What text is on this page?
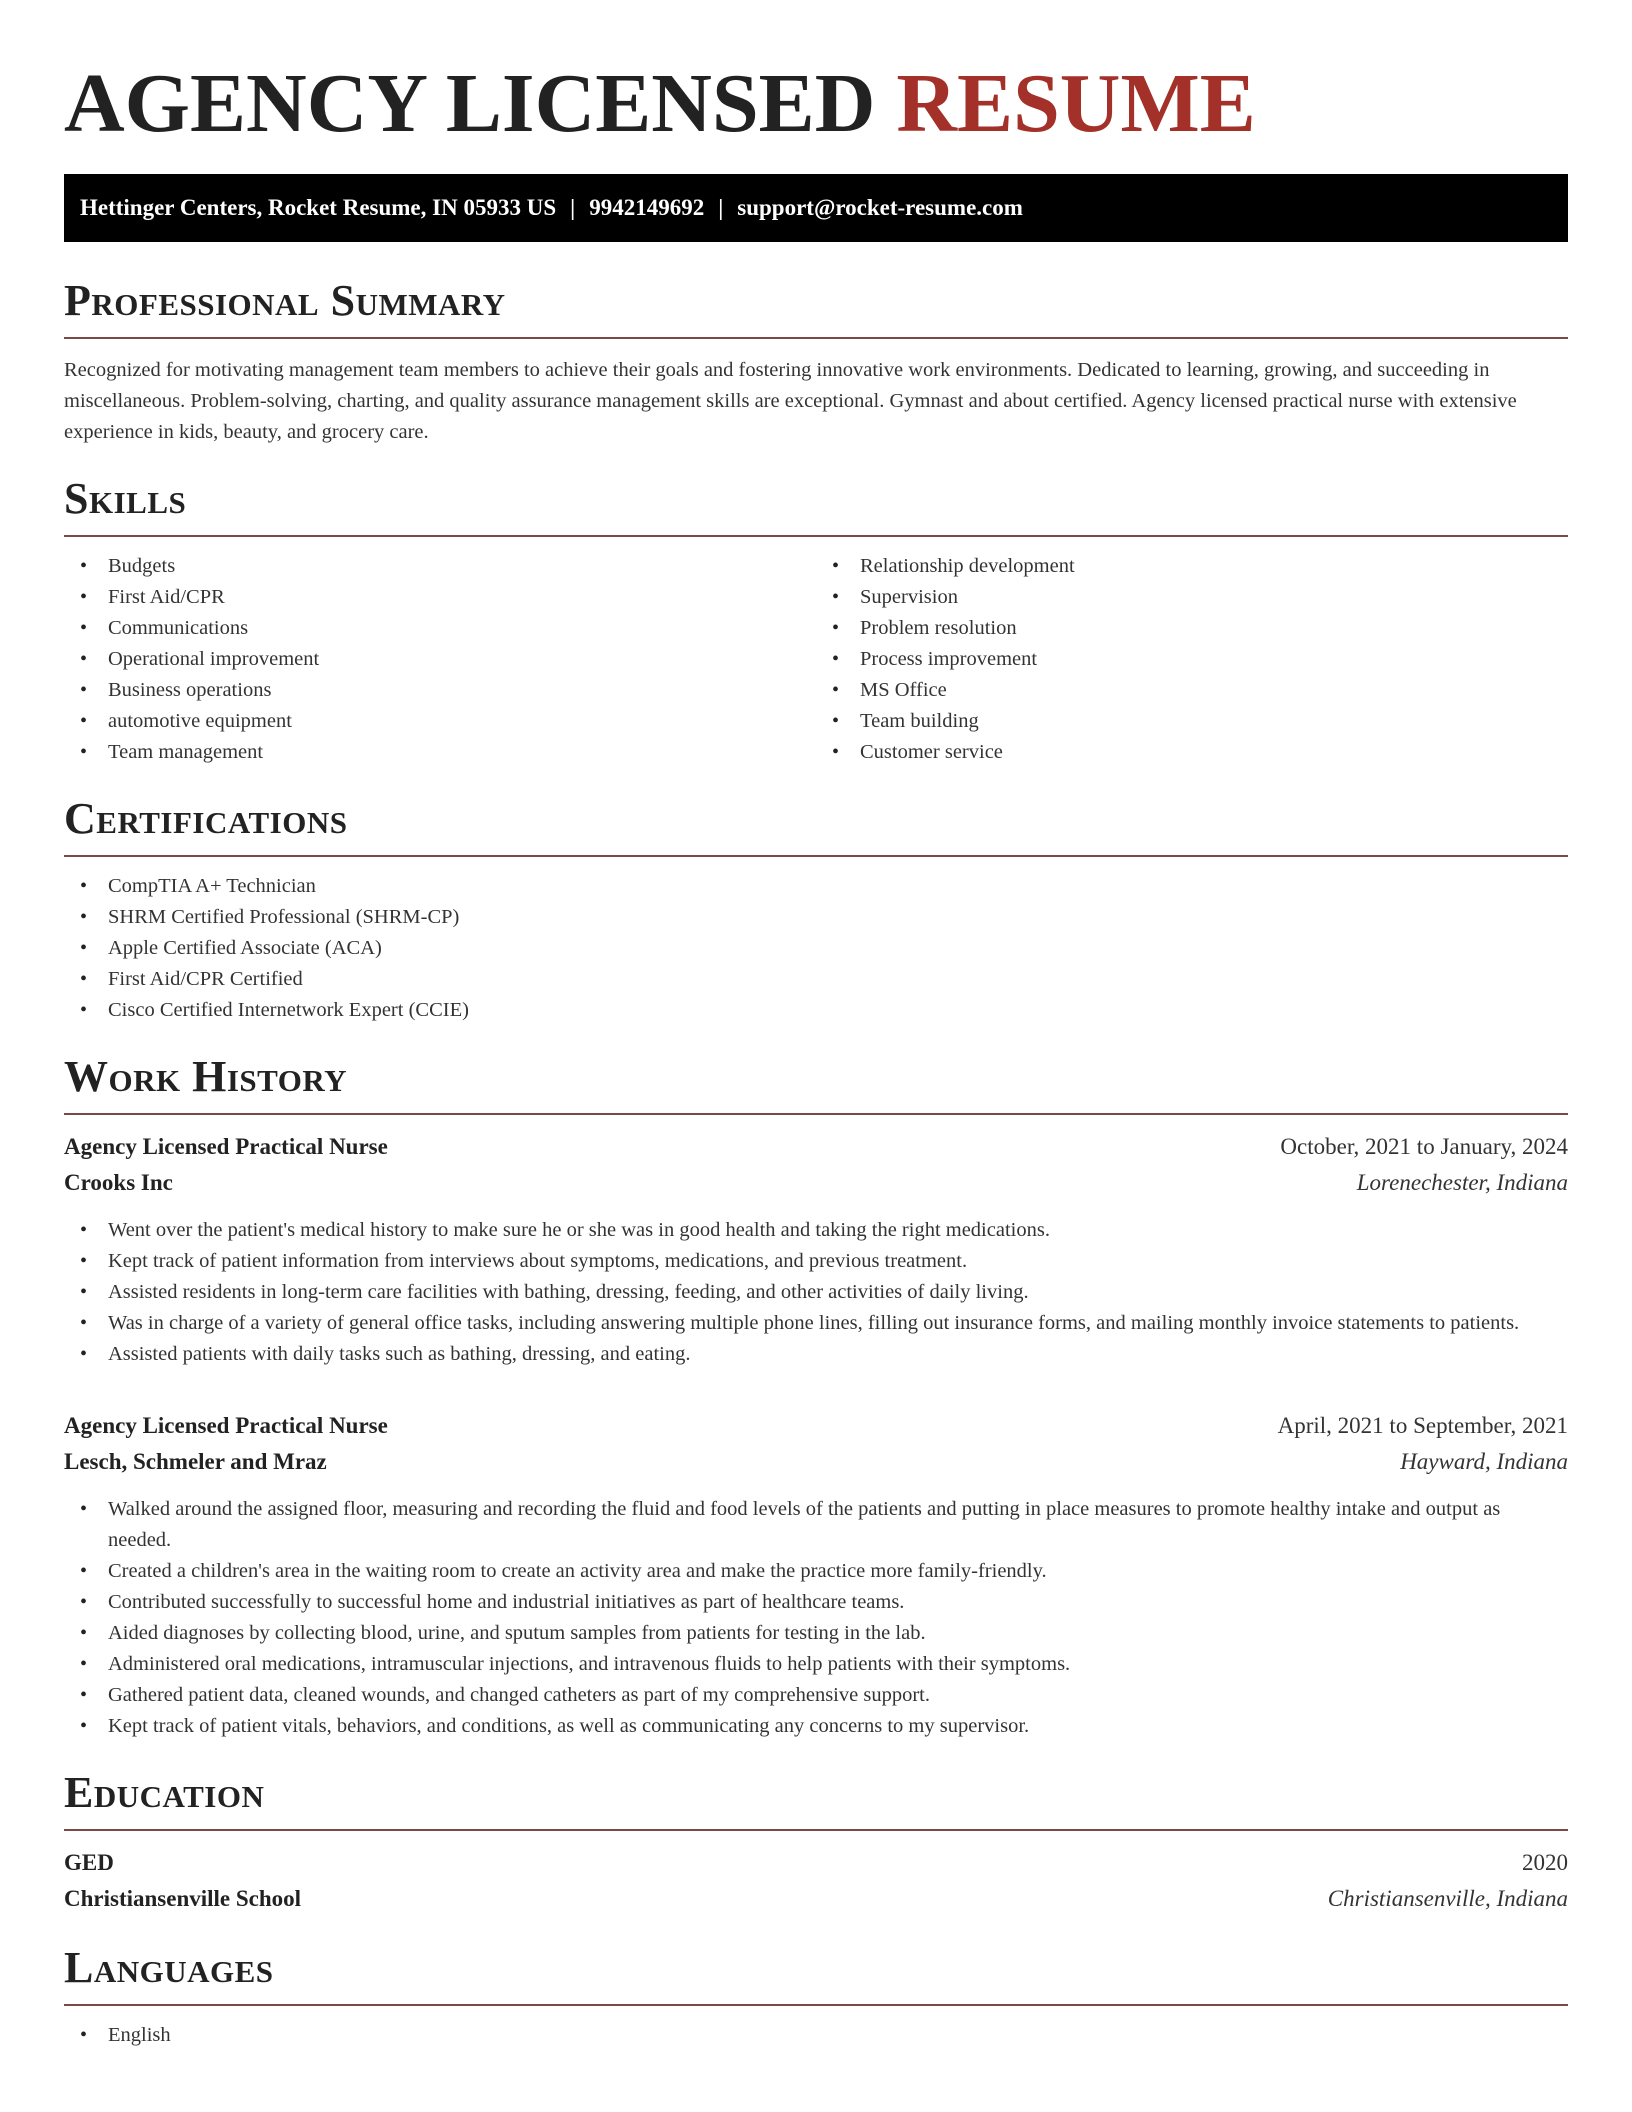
AGENCY LICENSED RESUME
Hettinger Centers, Rocket Resume, IN 05933 US | 9942149692 | support@rocket-resume.com
Professional Summary

Recognized for motivating management team members to achieve their goals and fostering innovative work environments. Dedicated to learning, growing, and succeeding in miscellaneous. Problem-solving, charting, and quality assurance management skills are exceptional. Gymnast and about certified. Agency licensed practical nurse with extensive experience in kids, beauty, and grocery care.

Skills
• Budgets
• First Aid/CPR
• Communications
• Operational improvement
• Business operations
• automotive equipment
• Team management
• Relationship development
• Supervision
• Problem resolution
• Process improvement
• MS Office
• Team building
• Customer service
Certifications
• CompTIA A+ Technician
• SHRM Certified Professional (SHRM-CP)
• Apple Certified Associate (ACA)
• First Aid/CPR Certified
• Cisco Certified Internetwork Expert (CCIE)
Work History
Agency Licensed Practical Nurse	October, 2021 to January, 2024
Crooks Inc	Lorenechester, Indiana
• Went over the patient's medical history to make sure he or she was in good health and taking the right medications.
• Kept track of patient information from interviews about symptoms, medications, and previous treatment.
• Assisted residents in long-term care facilities with bathing, dressing, feeding, and other activities of daily living.
• Was in charge of a variety of general office tasks, including answering multiple phone lines, filling out insurance forms, and mailing monthly invoice statements to patients.
• Assisted patients with daily tasks such as bathing, dressing, and eating.
Agency Licensed Practical Nurse	April, 2021 to September, 2021
Lesch, Schmeler and Mraz	Hayward, Indiana
• Walked around the assigned floor, measuring and recording the fluid and food levels of the patients and putting in place measures to promote healthy intake and output as needed.
• Created a children's area in the waiting room to create an activity area and make the practice more family-friendly.
• Contributed successfully to successful home and industrial initiatives as part of healthcare teams.
• Aided diagnoses by collecting blood, urine, and sputum samples from patients for testing in the lab.
• Administered oral medications, intramuscular injections, and intravenous fluids to help patients with their symptoms.
• Gathered patient data, cleaned wounds, and changed catheters as part of my comprehensive support.
• Kept track of patient vitals, behaviors, and conditions, as well as communicating any concerns to my supervisor.
Education
GED	2020
Christiansenville School	Christiansenville, Indiana
Languages
• English
